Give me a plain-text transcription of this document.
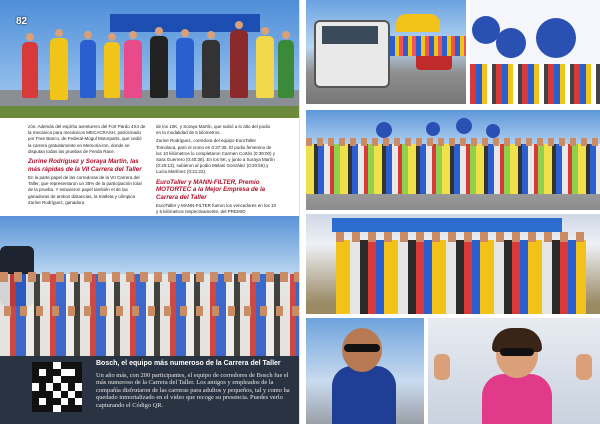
82

zón. Además del espíritu aventurero del Fort Pardo 4X4 de la mecánica para mecánicos MECACRASH, patrocinado por Free Banco, de Federal-Mogul Motorparts, que cedió la carrera gratuitamente en Memoria-Inn, donde se disputan todas las pruebas de Fenda Race.

Zurine Rodríguez y Soraya Martín, las más rápidas de la VII Carrera del Taller

En la parte papel de las corredoras de la VII Carrera del Taller, que representaron un 35% de la participación total de la prueba. Y estuvieron papel también el de las ganadoras de ambos distancias, la triatleta y olímpica Zurine Rodríguez, ganadora

de los 10K, y Soraya Martín, que subió a lo alto del podio en la modalidad de 5 kilómetros.

Zurine Rodríguez, corredora del equipo EuroTaller Tomolaca, paró el crono en 0:37:35. El podio femenino de los 10 kilómetros lo completaron Carmen Cortés (0:38:00) y Sara Guerrero (0:40:38). En los 5K, y junto a Soraya Martín (0:20:13), subieron al podio Melani González (0:20:55) y Lucía Martínez (0:21:22).

EuroTaller y MANN-FILTER, Premio MOTORTEC a la Mejor Empresa de la Carrera del Taller

EuroTaller y MANN-FILTER fueron los vencedores en los 10 y 5 kilómetros respectivamente, del PREMIO

Bosch, el equipo más numeroso de la Carrera del Taller
Un año más, con 200 participantes, el equipo de corredores de Bosch fue el más numeroso de la Carrera del Taller. Los amigos y empleados de la compañía disfrutaron de las carreras para adultos y pequeños, tal y como ha quedado inmortalizado en el vídeo que recoge su presencia. Puedes verlo capturando el Código QR.
